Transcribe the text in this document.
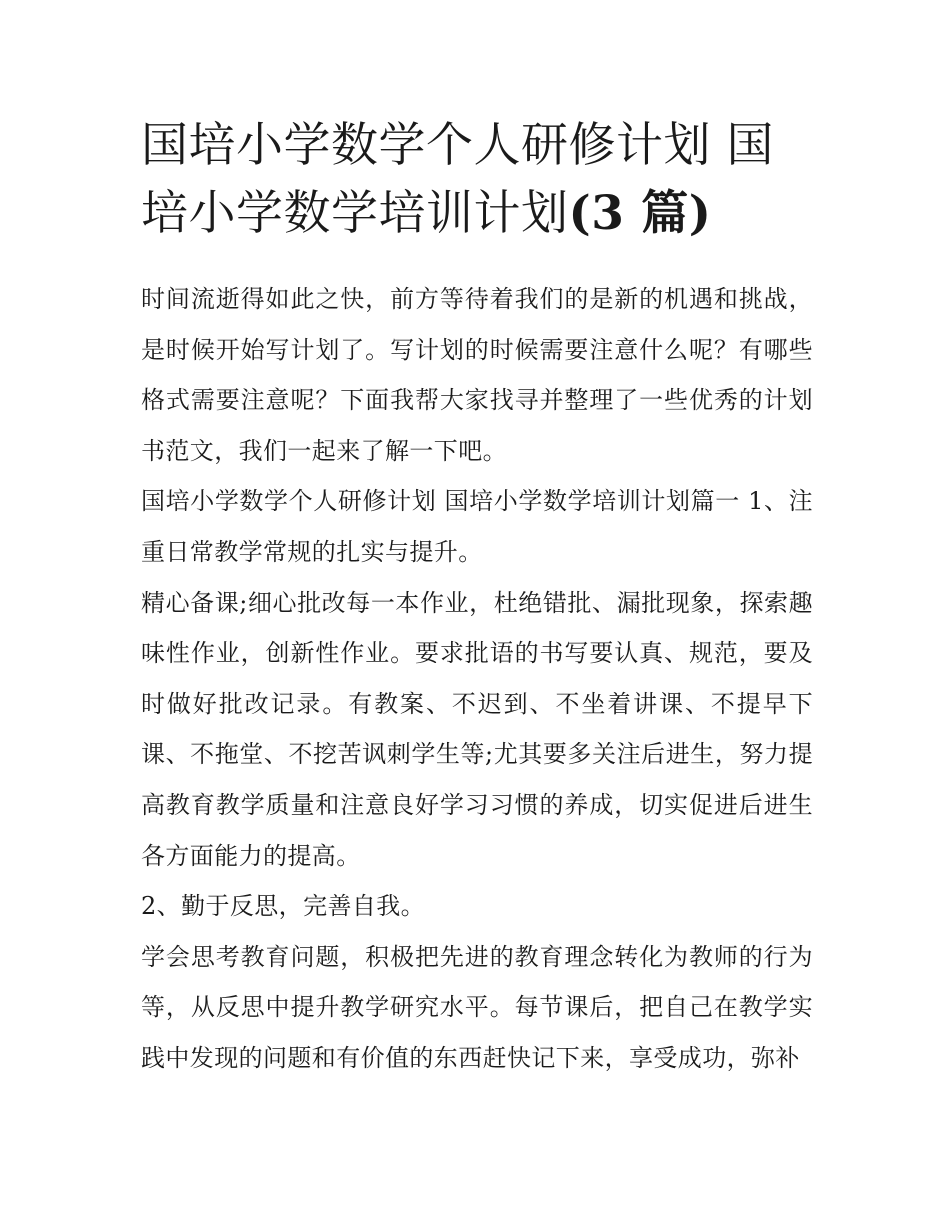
国培小学数学个人研修计划 国培小学数学培训计划(3 篇)

时间流逝得如此之快，前方等待着我们的是新的机遇和挑战，是时候开始写计划了。写计划的时候需要注意什么呢？有哪些格式需要注意呢？下面我帮大家找寻并整理了一些优秀的计划书范文，我们一起来了解一下吧。

国培小学数学个人研修计划 国培小学数学培训计划篇一 1、注重日常教学常规的扎实与提升。

精心备课;细心批改每一本作业，杜绝错批、漏批现象，探索趣味性作业，创新性作业。要求批语的书写要认真、规范，要及时做好批改记录。有教案、不迟到、不坐着讲课、不提早下课、不拖堂、不挖苦讽刺学生等;尤其要多关注后进生，努力提高教育教学质量和注意良好学习习惯的养成，切实促进后进生各方面能力的提高。

2、勤于反思，完善自我。

学会思考教育问题，积极把先进的教育理念转化为教师的行为等，从反思中提升教学研究水平。每节课后，把自己在教学实践中发现的问题和有价值的东西赶快记下来，享受成功，弥补
